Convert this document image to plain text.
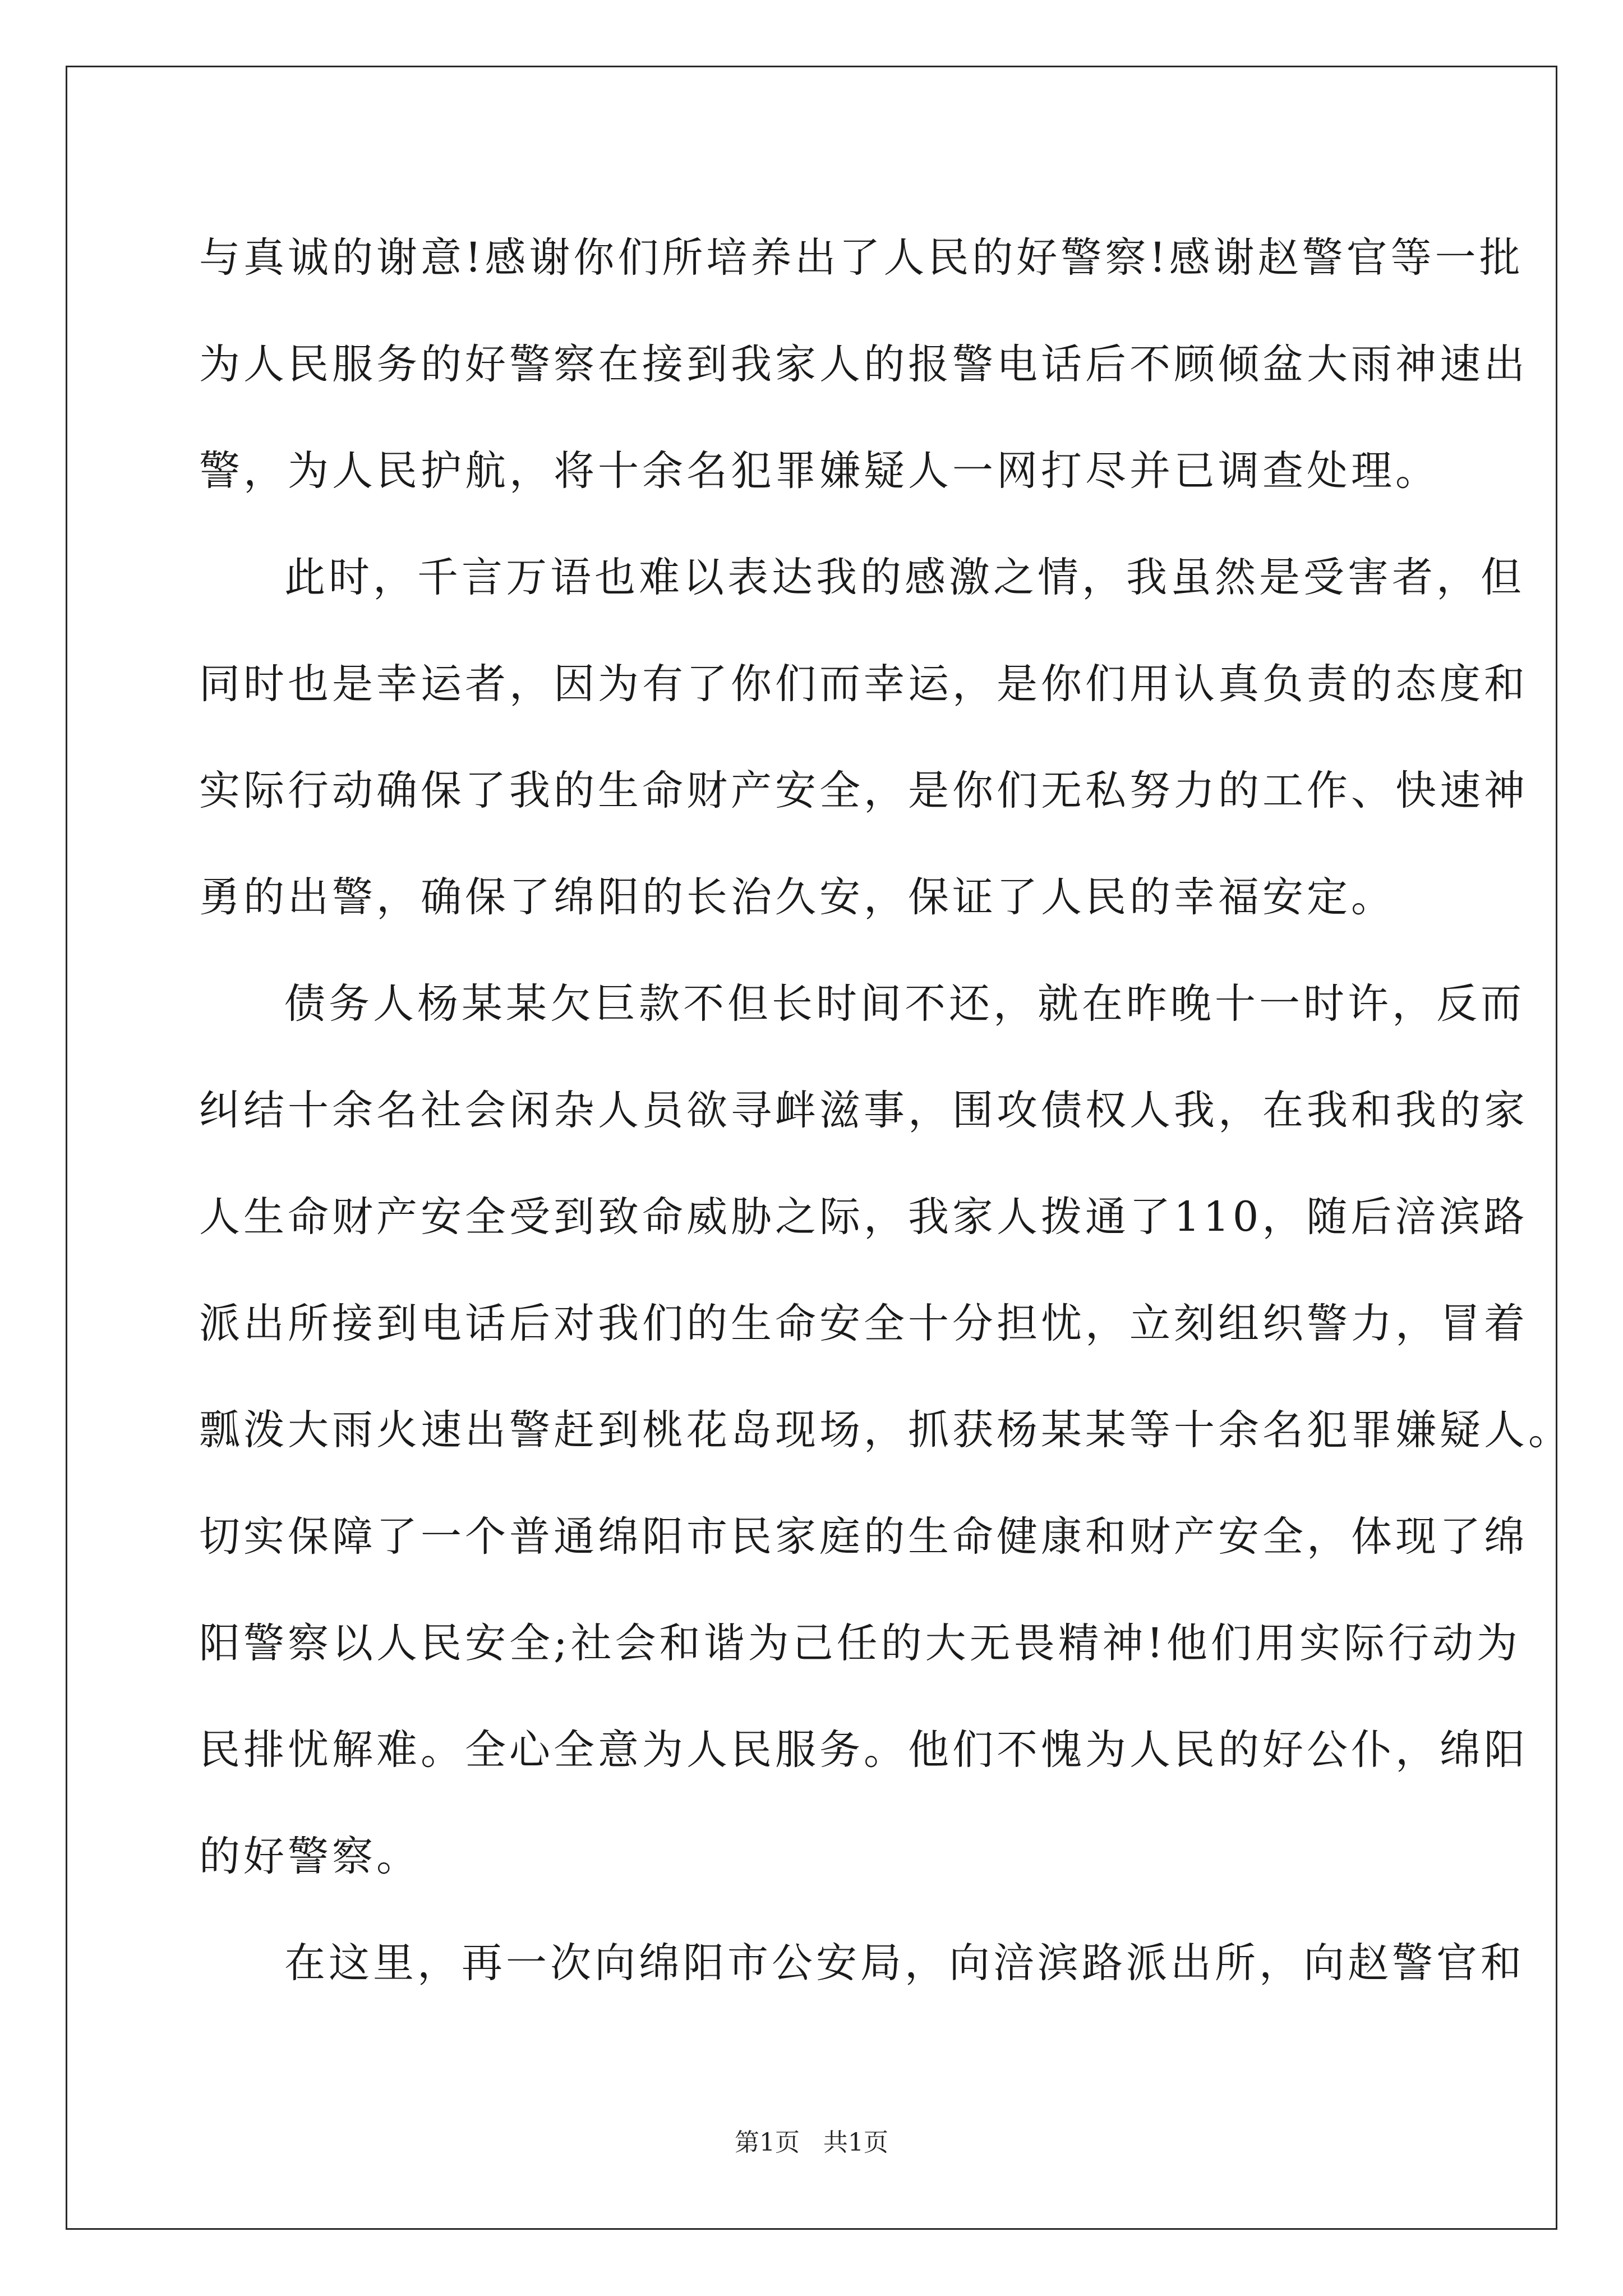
与真诚的谢意!感谢你们所培养出了人民的好警察!感谢赵警官等一批
为人民服务的好警察在接到我家人的报警电话后不顾倾盆大雨神速出
警，为人民护航，将十余名犯罪嫌疑人一网打尽并已调查处理。
此时，千言万语也难以表达我的感激之情，我虽然是受害者，但
同时也是幸运者，因为有了你们而幸运，是你们用认真负责的态度和
实际行动确保了我的生命财产安全，是你们无私努力的工作、快速神
勇的出警，确保了绵阳的长治久安，保证了人民的幸福安定。
债务人杨某某欠巨款不但长时间不还，就在昨晚十一时许，反而
纠结十余名社会闲杂人员欲寻衅滋事，围攻债权人我，在我和我的家
人生命财产安全受到致命威胁之际，我家人拨通了110，随后涪滨路
派出所接到电话后对我们的生命安全十分担忧，立刻组织警力，冒着
瓢泼大雨火速出警赶到桃花岛现场，抓获杨某某等十余名犯罪嫌疑人。
切实保障了一个普通绵阳市民家庭的生命健康和财产安全，体现了绵
阳警察以人民安全;社会和谐为己任的大无畏精神!他们用实际行动为
民排忧解难。全心全意为人民服务。他们不愧为人民的好公仆，绵阳
的好警察。
在这里，再一次向绵阳市公安局，向涪滨路派出所，向赵警官和
第1页 共1页
